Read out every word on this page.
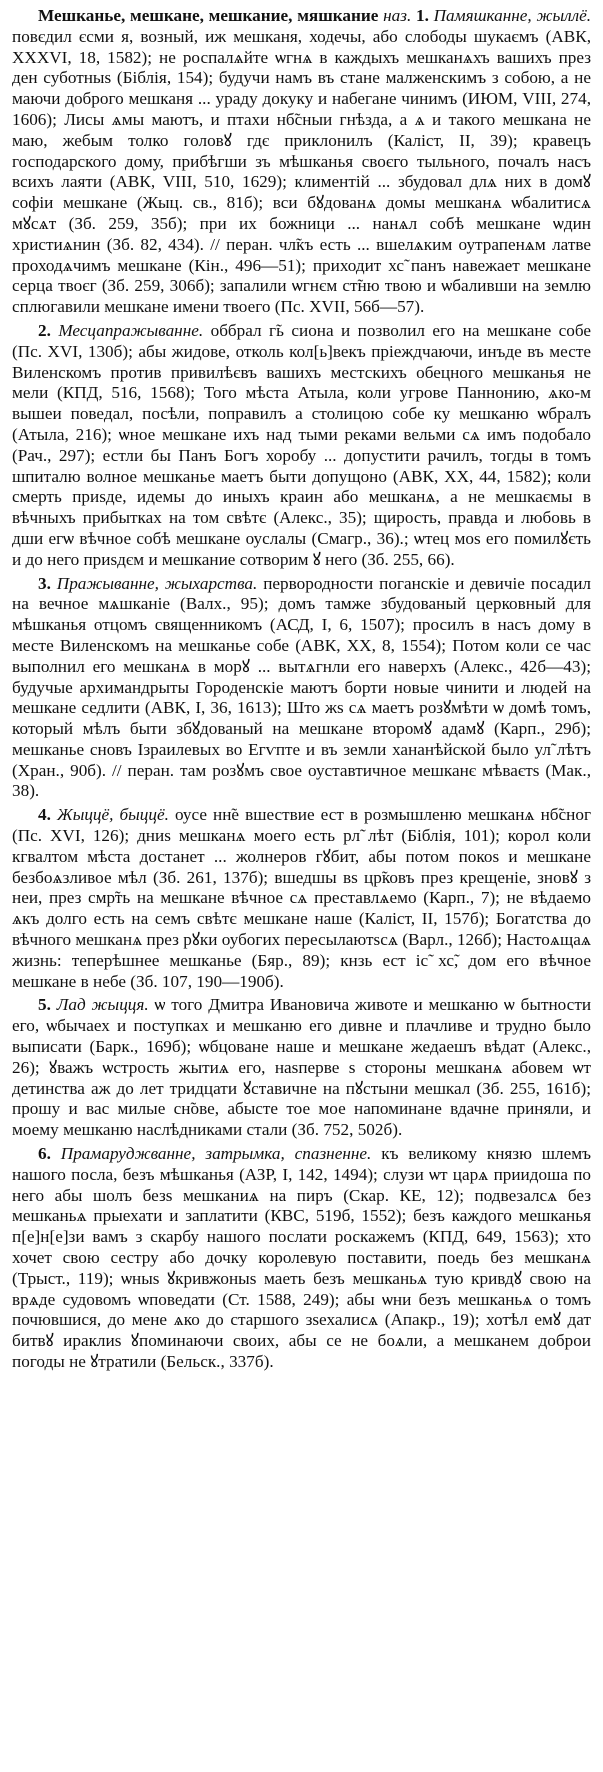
Мешканье, мешкане, мешкание, мяшкание наз. 1. Памяшканне, жыллё. повєдил єсми я, возный, иж мешканя, ходечы, або слободы шукаємъ (АВК, XXXVI, 18, 1582); не роспалѧйте ѡгнѧ в каждыхъ мешканѧхъ вашихъ през ден суботныs (Біблія, 154); будучи намъ въ стане малженскимъ з собою, а не маючи доброго мешканя ... ураду докуку и набегане чинимъ (ИЮМ, VIII, 274, 1606); Лисы ѧмы маютъ, и птахи нб̃сныи гнѣзда, а ѧ и такого мешкана не маю, жебым толко головꙋ гдє приклонилъ (Каліст, II, 39); кравецъ господарского дому, прибѣгши зъ мѣшканья своєго тыльного, почалъ насъ всихъ лаяти (АВК, VIII, 510, 1629); климентій ... збудовал длѧ них в домꙋ софіи мешкане (Жыц. св., 81б); вси бꙋдованѧ домы мешканѧ ѡбалитисѧ мꙋсѧт (Зб. 259, 35б); при их божници ... нанѧл собѣ мешкане ѡдин христиѧнин (Зб. 82, 434). // перан. чл̃къ есть ... вшелѧким оутрапенѧм латве проходѧчимъ мешкане (Кін., 496—51); приходит хс̃ панъ навежает мешкане серца твоєг (Зб. 259, 306б); запалили ѡгнєм ст̃ню твою и ѡбаливши на землю сплюгавили мешкане имени твоего (Пс. XVII, 56б—57).

2. Месцапражыванне. оббрал г̃ь сиона и позволил его на мешкане собе (Пс. XVI, 130б); абы жидове, отколь кол[ь]векъ пріеждчаючи, инъде въ месте Виленскомъ против привилѣєвъ вашихъ местскихъ обецного мешканья не мели (КПД, 516, 1568); Того мѣста Атыла, коли угрове Паннонию, ѧко-м вышеи поведал, посѣли, поправилъ а столицою собе ку мешканю ѡбралъ (Атыла, 216); ѡное мешкане ихъ над тыми реками вельми сѧ имъ подобало (Рач., 297); естли бы Панъ Богъ хоробу ... допустити рачилъ, тогды в томъ шпиталю волное мешканье маетъ быти допущоно (АВК, XX, 44, 1582); коли смерть приsде, идемы до иныхъ краин або мешканѧ, а не мешкаємы в вѣчныхъ прибытках на том свѣтє (Алекс., 35); щирость, правда и любовь в дши егѡ вѣчное собѣ мешкане оуслалы (Смагр., 36).; ѡтец моs его помилꙋєть и до него приsдєм и мешкание сотворим ꙋ него (Зб. 255, 66).

3. Пражыванне, жыхарства. первородности поганскіе и девичіе посадил на вечное мѧшканіе (Валх., 95); домъ тамже збудованый церковный для мѣшканья отцомъ священникомъ (АСД, I, 6, 1507); просилъ в насъ дому в месте Виленскомъ на мешканье собе (АВК, XX, 8, 1554); Потом коли се час выполнил его мешканѧ в морꙋ ... вытѧгнли его наверхъ (Алекс., 42б—43); будучые архимандрыты Городенскіе маютъ борти новые чинити и людей на мешкане седлити (АВК, I, 36, 1613); Што жs сѧ маетъ розꙋмѣти ѡ домѣ томъ, который мѣлъ быти збꙋдованый на мешкане второмꙋ адамꙋ (Карп., 29б); мешканье сновъ Ізраилевых во Егѵпте и въ земли хананѣйской было ул̃ лѣтъ (Хран., 90б). // перан. там розꙋмъ свое оуставтичное мешканє мѣваєтs (Мак., 38).

4. Жыццё, быццё. оусе нн̃е вшествие ест в розмышленю мешканѧ нб̃сног (Пс. XVI, 126); дниs мешканѧ моего есть рл̃ лѣт (Біблія, 101); корол коли кгвалтом мѣста достанет ... жолнеров гꙋбит, абы потом покоs и мешкане безбоѧзливое мѣл (Зб. 261, 137б); вшедшы вs цр̃ковъ през крещеніе, зновꙋ з неи, през смр̃ть на мешкане вѣчное сѧ преставлѧемо (Карп., 7); не вѣдаемо ѧкъ долго есть на семъ свѣтє мешкане наше (Каліст, II, 157б); Богатства до вѣчного мешканѧ през рꙋки оубогих пересылаютsсѧ (Варл., 126б); Настоѧщаѧ жизнь: теперѣшнее мешканье (Бяр., 89); кнзь ест іс̃ хс̃, дом его вѣчное мешкане в небе (Зб. 107, 190—190б).

5. Лад жыцця. ѡ того Дмитра Ивановича животе и мешканю ѡ бытности его, ѡбычаех и поступках и мешканю его дивне и плачливе и трудно было выписати (Барк., 169б); ѡбцоване наше и мешкане жедаешъ вѣдат (Алекс., 26); ꙋважъ ѡстрость жытиѧ его, наsперве s стороны мешканѧ абовем ѡт детинства аж до лет тридцати ꙋставичне на пꙋстыни мешкал (Зб. 255, 161б); прошу и вас милые сн̃ове, абысте тое мое напоминане вдачне приняли, и моему мешканю наслѣдниками стали (Зб. 752, 502б).

6. Прамаруджванне, затрымка, спазненне. къ великому князю шлемъ нашого посла, безъ мѣшканья (АЗР, I, 142, 1494); слузи ѡт царѧ приидоша по него абы шолъ безs мешканиѧ на пиръ (Скар. КЕ, 12); подвезалсѧ без мешканьѧ прыехати и заплатити (КВС, 519б, 1552); безъ каждого мешканья п[е]н[е]зи вамъ з скарбу нашого послати роскажемъ (КПД, 649, 1563); хто хочет свою сестру або дочку королевую поставити, поедь без мешканѧ (Трыст., 119); ѡныs ꙋкривжоныs маеть безъ мешканьѧ тую кривдꙋ свою на врѧде судовомъ ѡповедати (Ст. 1588, 249); абы ѡни безъ мешканьѧ о томъ почювшися, до мене ѧко до старшого зsехалисѧ (Апакр., 19); хотѣл емꙋ дат битвꙋ ираклиs ꙋпоминаючи своих, абы се не боѧли, а мешканем доброи погоды не ꙋтратили (Бельск., 337б).
